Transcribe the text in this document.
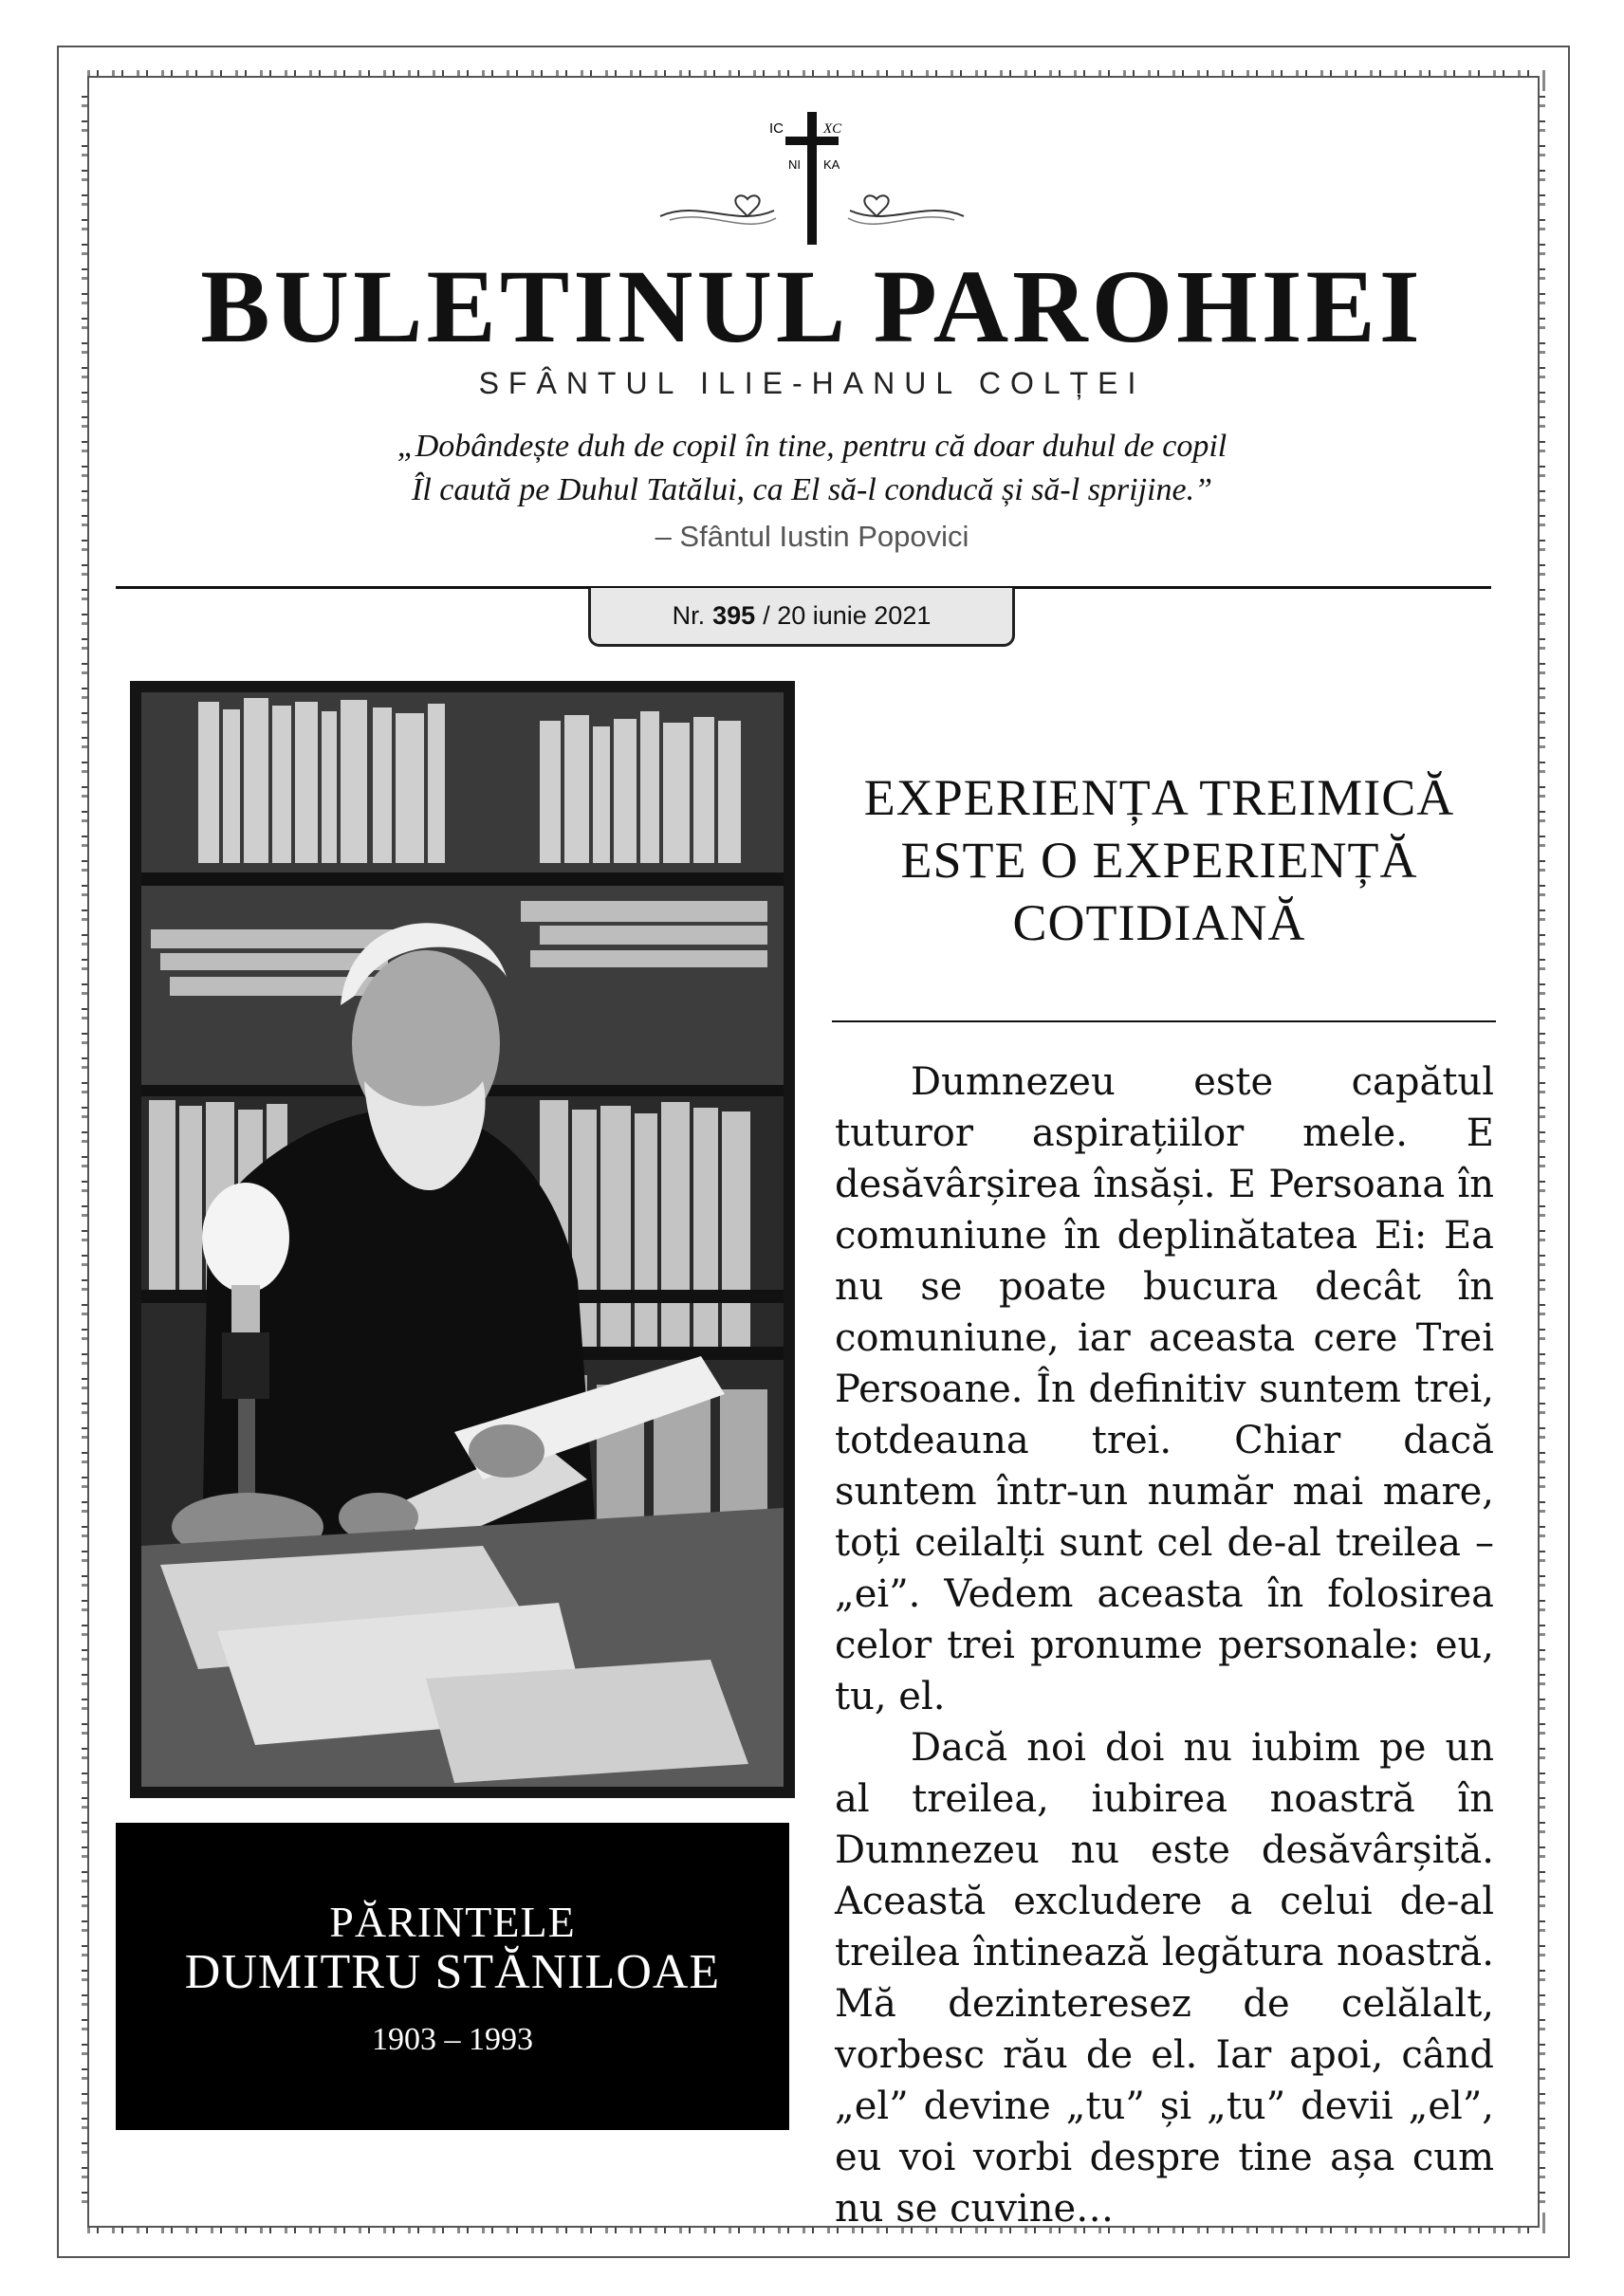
IC	XC
NI KA
BULETINUL PAROHIEI
SFÂNTUL ILIE-HANUL COLȚEI
„Dobândește duh de copil în tine, pentru că doar duhul de copil
Îl caută pe Duhul Tatălui, ca El să-l conducă și să-l sprijine.”
– Sfântul Iustin Popovici
Nr. 395 / 20 iunie 2021
PĂRINTELE
DUMITRU STĂNILOAE
1903 – 1993
EXPERIENȚA TREIMICĂ
ESTE O EXPERIENȚĂ
COTIDIANĂ

Dumnezeu este capătul tuturor aspirațiilor mele. E desăvârșirea însăși. E Persoana în comuniune în deplinătatea Ei: Ea nu se poate bucura decât în comuniune, iar aceasta cere Trei Persoane. În definitiv suntem trei, totdeauna trei. Chiar dacă suntem într-un număr mai mare, toți ceilalți sunt cel de-al treilea – „ei”. Vedem aceasta în folosirea celor trei pronume personale: eu, tu, el.

Dacă noi doi nu iubim pe un al treilea, iubirea noastră în Dumnezeu nu este desăvârșită. Această excludere a celui de-al treilea întinează legătura noastră. Mă dezinteresez de celălalt, vorbesc rău de el. Iar apoi, când „el” devine „tu” și „tu” devii „el”, eu voi vorbi despre tine așa cum nu se cuvine…
